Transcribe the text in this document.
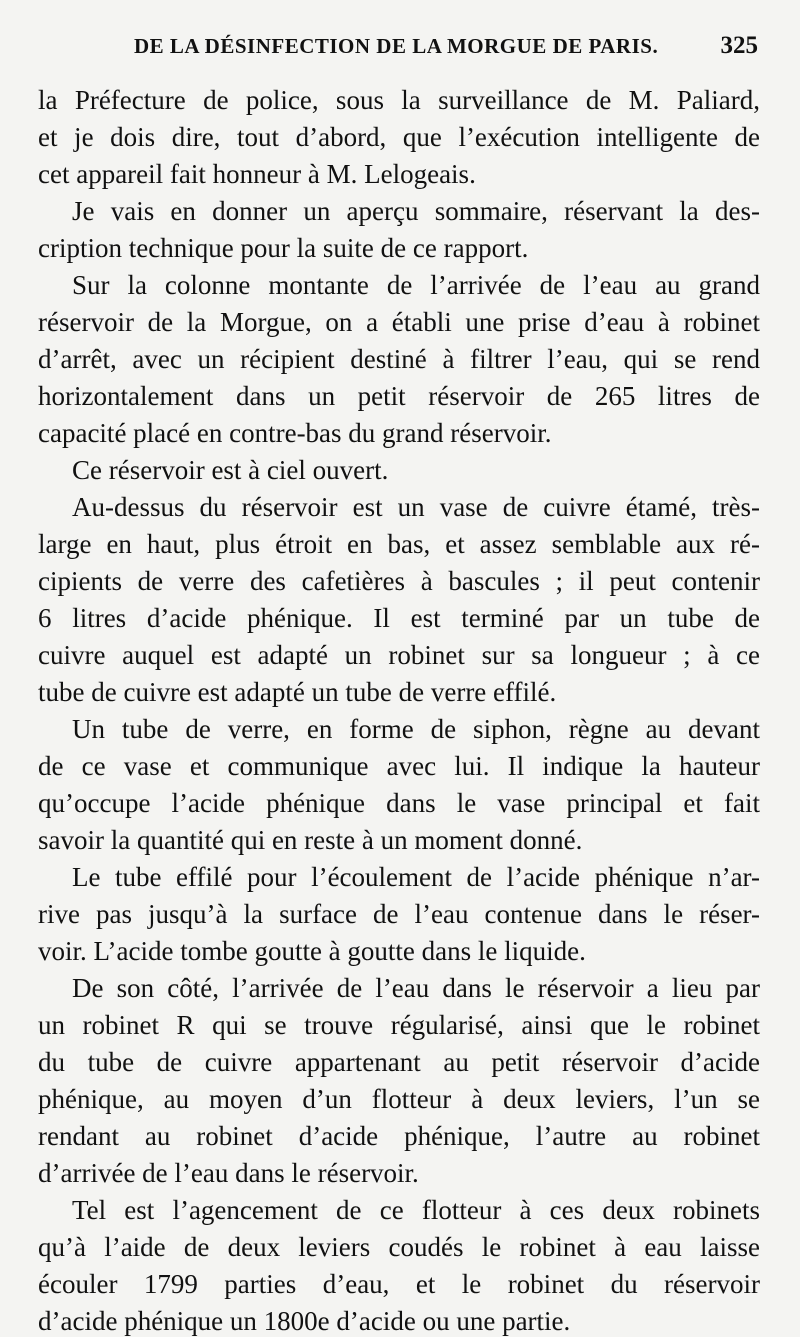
DE LA DÉSINFECTION DE LA MORGUE DE PARIS. 325
la Préfecture de police, sous la surveillance de M. Paliard,
et je dois dire, tout d’abord, que l’exécution intelligente de
cet appareil fait honneur à M. Lelogeais.
Je vais en donner un aperçu sommaire, réservant la des-
cription technique pour la suite de ce rapport.
Sur la colonne montante de l’arrivée de l’eau au grand
réservoir de la Morgue, on a établi une prise d’eau à robinet
d’arrêt, avec un récipient destiné à filtrer l’eau, qui se rend
horizontalement dans un petit réservoir de 265 litres de
capacité placé en contre-bas du grand réservoir.
Ce réservoir est à ciel ouvert.
Au-dessus du réservoir est un vase de cuivre étamé, très-
large en haut, plus étroit en bas, et assez semblable aux ré-
cipients de verre des cafetières à bascules ; il peut contenir
6 litres d’acide phénique. Il est terminé par un tube de
cuivre auquel est adapté un robinet sur sa longueur ; à ce
tube de cuivre est adapté un tube de verre effilé.
Un tube de verre, en forme de siphon, règne au devant
de ce vase et communique avec lui. Il indique la hauteur
qu’occupe l’acide phénique dans le vase principal et fait
savoir la quantité qui en reste à un moment donné.
Le tube effilé pour l’écoulement de l’acide phénique n’ar-
rive pas jusqu’à la surface de l’eau contenue dans le réser-
voir. L’acide tombe goutte à goutte dans le liquide.
De son côté, l’arrivée de l’eau dans le réservoir a lieu par
un robinet R qui se trouve régularisé, ainsi que le robinet
du tube de cuivre appartenant au petit réservoir d’acide
phénique, au moyen d’un flotteur à deux leviers, l’un se
rendant au robinet d’acide phénique, l’autre au robinet
d’arrivée de l’eau dans le réservoir.
Tel est l’agencement de ce flotteur à ces deux robinets
qu’à l’aide de deux leviers coudés le robinet à eau laisse
écouler 1799 parties d’eau, et le robinet du réservoir
d’acide phénique un 1800e d’acide ou une partie.
